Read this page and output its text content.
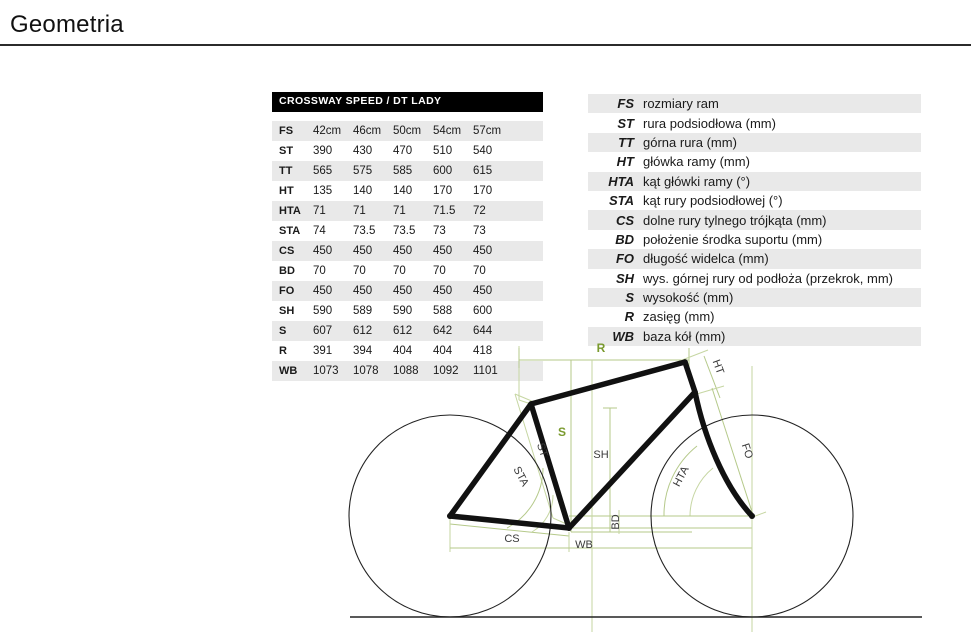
Geometria
CROSSWAY SPEED / DT LADY
FS	42cm	46cm	50cm	54cm	57cm
ST	390	430	470	510	540
TT	565	575	585	600	615
HT	135	140	140	170	170
HTA	71	71	71	71.5	72
STA	74	73.5	73.5	73	73
CS	450	450	450	450	450
BD	70	70	70	70	70
FO	450	450	450	450	450
SH	590	589	590	588	600
S	607	612	612	642	644
R	391	394	404	404	418
WB	1073	1078	1088	1092	1101
FS rozmiary ram
ST rura podsiodłowa (mm)
TT górna rura (mm)
HT główka ramy (mm)
HTA kąt główki ramy (°)
STA kąt rury podsiodłowej (°)
CS dolne rury tylnego trójkąta (mm)
BD położenie środka suportu (mm)
FO długość widelca (mm)
SH wys. górnej rury od podłoża (przekrok, mm)
S wysokość (mm)
R zasięg (mm)
WB baza kół (mm)
R
S
SH
ST
STA
CS	WB
BD
HT
HTA
FO
